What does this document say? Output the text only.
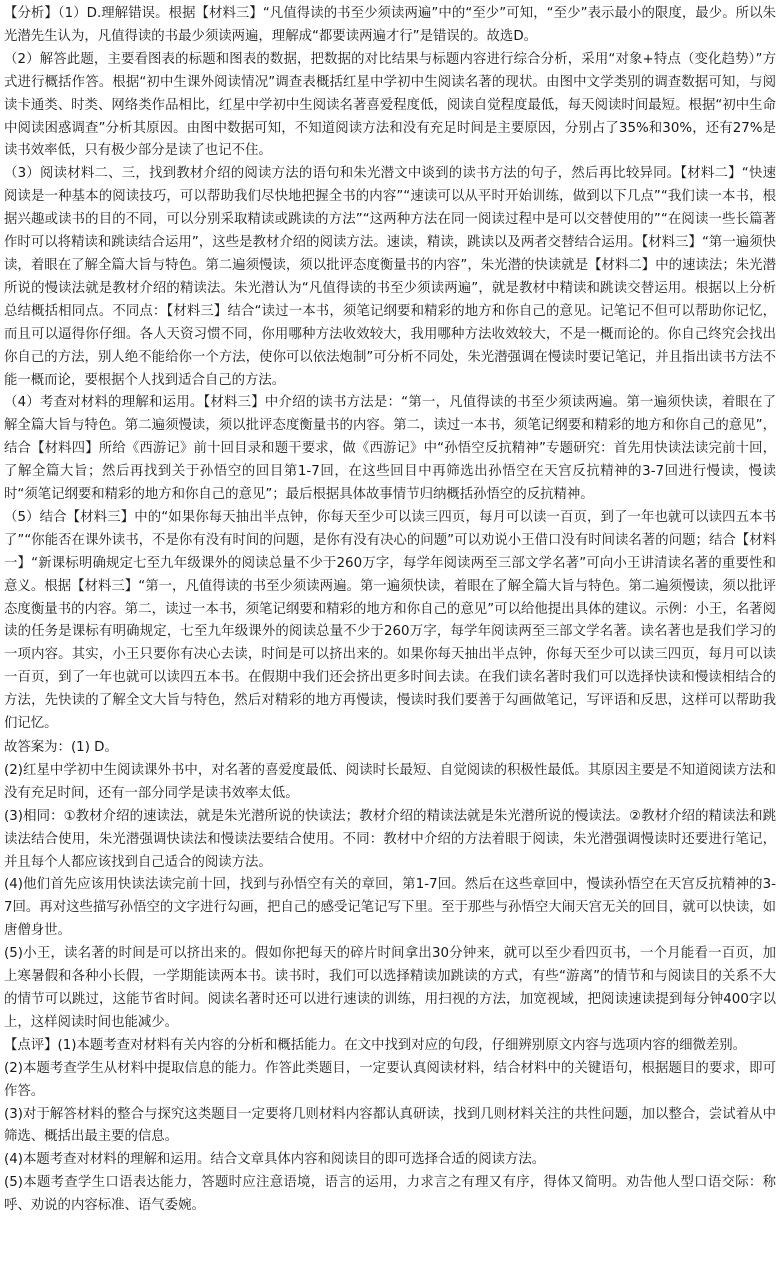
【分析】（1）D.理解错误。根据【材料三】“凡值得读的书至少须读两遍”中的“至少”可知，“至少”表示最小的限度，最少。所以朱光潜先生认为，凡值得读的书最少须读两遍，理解成“都要读两遍才行”是错误的。故选D。

（2）解答此题，主要看图表的标题和图表的数据，把数据的对比结果与标题内容进行综合分析，采用“对象+特点（变化趋势）”方式进行概括作答。根据“初中生课外阅读情况”调查表概括红星中学初中生阅读名著的现状。由图中文学类别的调查数据可知，与阅读卡通类、时类、网络类作品相比，红星中学初中生阅读名著喜爱程度低，阅读自觉程度最低，每天阅读时间最短。根据“初中生命中阅读困惑调查”分析其原因。由图中数据可知，不知道阅读方法和没有充足时间是主要原因，分别占了35%和30%，还有27%是读书效率低，只有极少部分是读了也记不住。

（3）阅读材料二、三，找到教材介绍的阅读方法的语句和朱光潜文中谈到的读书方法的句子，然后再比较异同。【材料二】“快速阅读是一种基本的阅读技巧，可以帮助我们尽快地把握全书的内容”“速读可以从平时开始训练，做到以下几点”“我们读一本书，根据兴趣或读书的目的不同，可以分别采取精读或跳读的方法”“这两种方法在同一阅读过程中是可以交替使用的”“在阅读一些长篇著作时可以将精读和跳读结合运用”，这些是教材介绍的阅读方法。速读，精读，跳读以及两者交替结合运用。【材料三】“第一遍须快读，着眼在了解全篇大旨与特色。第二遍须慢读，须以批评态度衡量书的内容”，朱光潜的快读就是【材料二】中的速读法；朱光潜所说的慢读法就是教材介绍的精读法。朱光潜认为“凡值得读的书至少须读两遍”，就是教材中精读和跳读交替运用。根据以上分析总结概括相同点。不同点：【材料三】结合“读过一本书，须笔记纲要和精彩的地方和你自己的意见。记笔记不但可以帮助你记忆，而且可以逼得你仔细。各人天资习惯不同，你用哪种方法收效较大，我用哪种方法收效较大，不是一概而论的。你自己终究会找出你自己的方法，别人绝不能给你一个方法，使你可以依法炮制”可分析不同处，朱光潜强调在慢读时要记笔记，并且指出读书方法不能一概而论，要根据个人找到适合自己的方法。

（4）考查对材料的理解和运用。【材料三】中介绍的读书方法是：“第一，凡值得读的书至少须读两遍。第一遍须快读，着眼在了解全篇大旨与特色。第二遍须慢读，须以批评态度衡量书的内容。第二，读过一本书，须笔记纲要和精彩的地方和你自己的意见”，结合【材料四】所给《西游记》前十回目录和题干要求，做《西游记》中“孙悟空反抗精神”专题研究：首先用快读法读完前十回，了解全篇大旨；然后再找到关于孙悟空的回目第1-7回，在这些回目中再筛选出孙悟空在天宫反抗精神的3-7回进行慢读，慢读时“须笔记纲要和精彩的地方和你自己的意见”；最后根据具体故事情节归纳概括孙悟空的反抗精神。

（5）结合【材料三】中的“如果你每天抽出半点钟，你每天至少可以读三四页，每月可以读一百页，到了一年也就可以读四五本书了”“你能否在课外读书，不是你有没有时间的问题，是你有没有决心的问题”可以劝说小王借口没有时间读名著的问题；结合【材料一】“新课标明确规定七至九年级课外的阅读总量不少于260万字，每学年阅读两至三部文学名著”可向小王讲清读名著的重要性和意义。根据【材料三】“第一，凡值得读的书至少须读两遍。第一遍须快读，着眼在了解全篇大旨与特色。第二遍须慢读，须以批评态度衡量书的内容。第二，读过一本书，须笔记纲要和精彩的地方和你自己的意见”可以给他提出具体的建议。示例：小王，名著阅读的任务是课标有明确规定，七至九年级课外的阅读总量不少于260万字，每学年阅读两至三部文学名著。读名著也是我们学习的一项内容。其实，小王只要你有决心去读，时间是可以挤出来的。如果你每天抽出半点钟，你每天至少可以读三四页，每月可以读一百页，到了一年也就可以读四五本书。在假期中我们还会挤出更多时间去读。在我们读名著时我们可以选择快读和慢读相结合的方法，先快读的了解全文大旨与特色，然后对精彩的地方再慢读，慢读时我们要善于勾画做笔记，写评语和反思，这样可以帮助我们记忆。

故答案为：(1) D。

(2)红星中学初中生阅读课外书中，对名著的喜爱度最低、阅读时长最短、自觉阅读的积极性最低。其原因主要是不知道阅读方法和没有充足时间，还有一部分同学是读书效率太低。

(3)相同：①教材介绍的速读法，就是朱光潜所说的快读法；教材介绍的精读法就是朱光潜所说的慢读法。②教材介绍的精读法和跳读法结合使用，朱光潜强调快读法和慢读法要结合使用。不同：教材中介绍的方法着眼于阅读，朱光潜强调慢读时还要进行笔记，并且每个人都应该找到自己适合的阅读方法。

(4)他们首先应该用快读法读完前十回，找到与孙悟空有关的章回，第1-7回。然后在这些章回中，慢读孙悟空在天宫反抗精神的3-7回。再对这些描写孙悟空的文字进行勾画，把自己的感受记笔记写下里。至于那些与孙悟空大闹天宫无关的回目，就可以快读，如唐僧身世。

(5)小王，读名著的时间是可以挤出来的。假如你把每天的碎片时间拿出30分钟来，就可以至少看四页书，一个月能看一百页，加上寒暑假和各种小长假，一学期能读两本书。读书时，我们可以选择精读加跳读的方式，有些“游离”的情节和与阅读目的关系不大的情节可以跳过，这能节省时间。阅读名著时还可以进行速读的训练，用扫视的方法，加宽视域，把阅读速读提到每分钟400字以上，这样阅读时间也能减少。

【点评】(1)本题考查对材料有关内容的分析和概括能力。在文中找到对应的句段，仔细辨别原文内容与选项内容的细微差别。

(2)本题考查学生从材料中提取信息的能力。作答此类题目，一定要认真阅读材料，结合材料中的关键语句，根据题目的要求，即可作答。

(3)对于解答材料的整合与探究这类题目一定要将几则材料内容都认真研读，找到几则材料关注的共性问题，加以整合，尝试着从中筛选、概括出最主要的信息。

(4)本题考查对材料的理解和运用。结合文章具体内容和阅读目的即可选择合适的阅读方法。

(5)本题考查学生口语表达能力，答题时应注意语境，语言的运用，力求言之有理又有序，得体又简明。劝告他人型口语交际：称呼、劝说的内容标准、语气委婉。
